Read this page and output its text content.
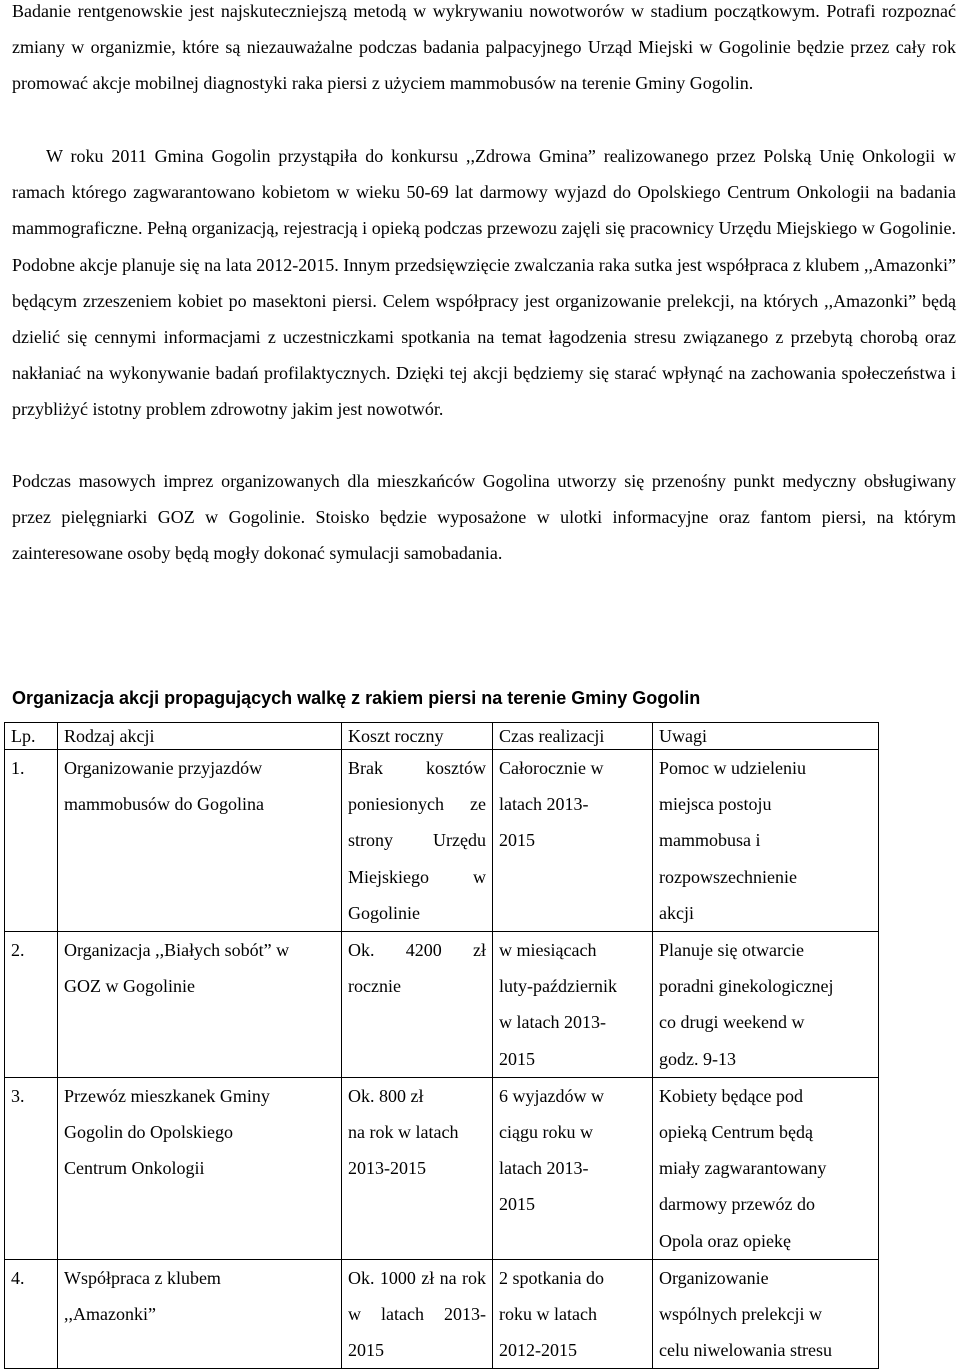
Badanie rentgenowskie jest najskuteczniejszą metodą w wykrywaniu nowotworów w stadium początkowym. Potrafi rozpoznać zmiany w organizmie, które są niezauważalne podczas badania palpacyjnego Urząd Miejski w Gogolinie będzie przez cały rok promować akcje mobilnej diagnostyki raka piersi z użyciem mammobusów na terenie Gminy Gogolin.

W roku 2011 Gmina Gogolin przystąpiła do konkursu ,,Zdrowa Gmina” realizowanego przez Polską Unię Onkologii w ramach którego zagwarantowano kobietom w wieku 50-69 lat darmowy wyjazd do Opolskiego Centrum Onkologii na badania mammograficzne. Pełną organizacją, rejestracją i opieką podczas przewozu zajęli się pracownicy Urzędu Miejskiego w Gogolinie. Podobne akcje planuje się na lata 2012-2015. Innym przedsięwzięcie zwalczania raka sutka jest współpraca z klubem ,,Amazonki” będącym zrzeszeniem kobiet po masektoni piersi. Celem współpracy jest organizowanie prelekcji, na których ,,Amazonki” będą dzielić się cennymi informacjami z uczestniczkami spotkania na temat łagodzenia stresu związanego z przebytą chorobą oraz nakłaniać na wykonywanie badań profilaktycznych. Dzięki tej akcji będziemy się starać wpłynąć na zachowania społeczeństwa i przybliżyć istotny problem zdrowotny jakim jest nowotwór.

Podczas masowych imprez organizowanych dla mieszkańców Gogolina utworzy się przenośny punkt medyczny obsługiwany przez pielęgniarki GOZ w Gogolinie. Stoisko będzie wyposażone w ulotki informacyjne oraz fantom piersi, na którym zainteresowane osoby będą mogły dokonać symulacji samobadania.

Organizacja akcji propagujących walkę z rakiem piersi na terenie Gminy Gogolin
Lp.	Rodzaj akcji	Koszt roczny	Czas realizacji	Uwagi
1.	Organizowanie przyjazdów
mammobusów do Gogolina	Brak kosztów poniesionych ze strony Urzędu Miejskiego w Gogolinie	Całorocznie w
latach 2013-
2015	Pomoc w udzieleniu
miejsca postoju
mammobusa i
rozpowszechnienie
akcji
2.	Organizacja ,,Białych sobót” w
GOZ w Gogolinie	Ok. 4200 zł rocznie	w miesiącach
luty-październik
w latach 2013-
2015	Planuje się otwarcie
poradni ginekologicznej
co drugi weekend w
godz. 9-13
3.	Przewóz mieszkanek Gminy
Gogolin do Opolskiego
Centrum Onkologii	Ok. 800 zł
na rok w latach
2013-2015	6 wyjazdów w
ciągu roku w
latach 2013-
2015	Kobiety będące pod
opieką Centrum będą
miały zagwarantowany
darmowy przewóz do
Opola oraz opiekę
4.	Współpraca z klubem
,,Amazonki”	Ok. 1000 zł na rok w latach 2013-2015	2 spotkania do
roku w latach
2012-2015	Organizowanie
wspólnych prelekcji w
celu niwelowania stresu
